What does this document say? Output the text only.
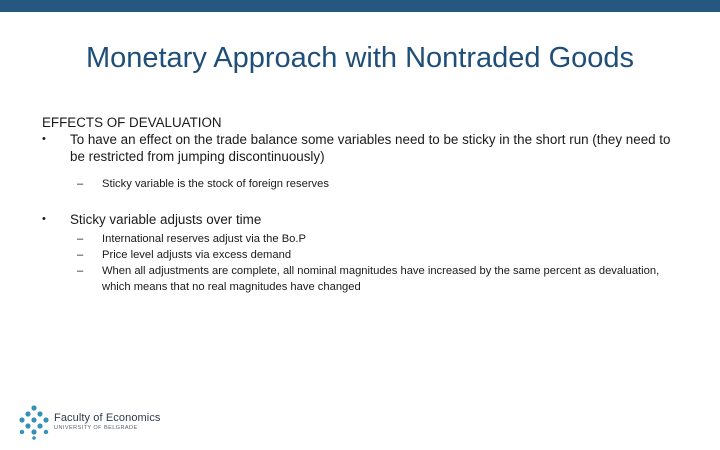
Monetary Approach with Nontraded Goods

EFFECTS OF DEVALUATION

• To have an effect on the trade balance some variables need to be sticky in the short run (they need to be restricted from jumping discontinuously)
– Sticky variable is the stock of foreign reserves
• Sticky variable adjusts over time
– International reserves adjust via the Bo.P
– Price level adjusts via excess demand
– When all adjustments are complete, all nominal magnitudes have increased by the same percent as devaluation, which means that no real magnitudes have changed
Faculty of Economics
UNIVERSITY OF BELGRADE
